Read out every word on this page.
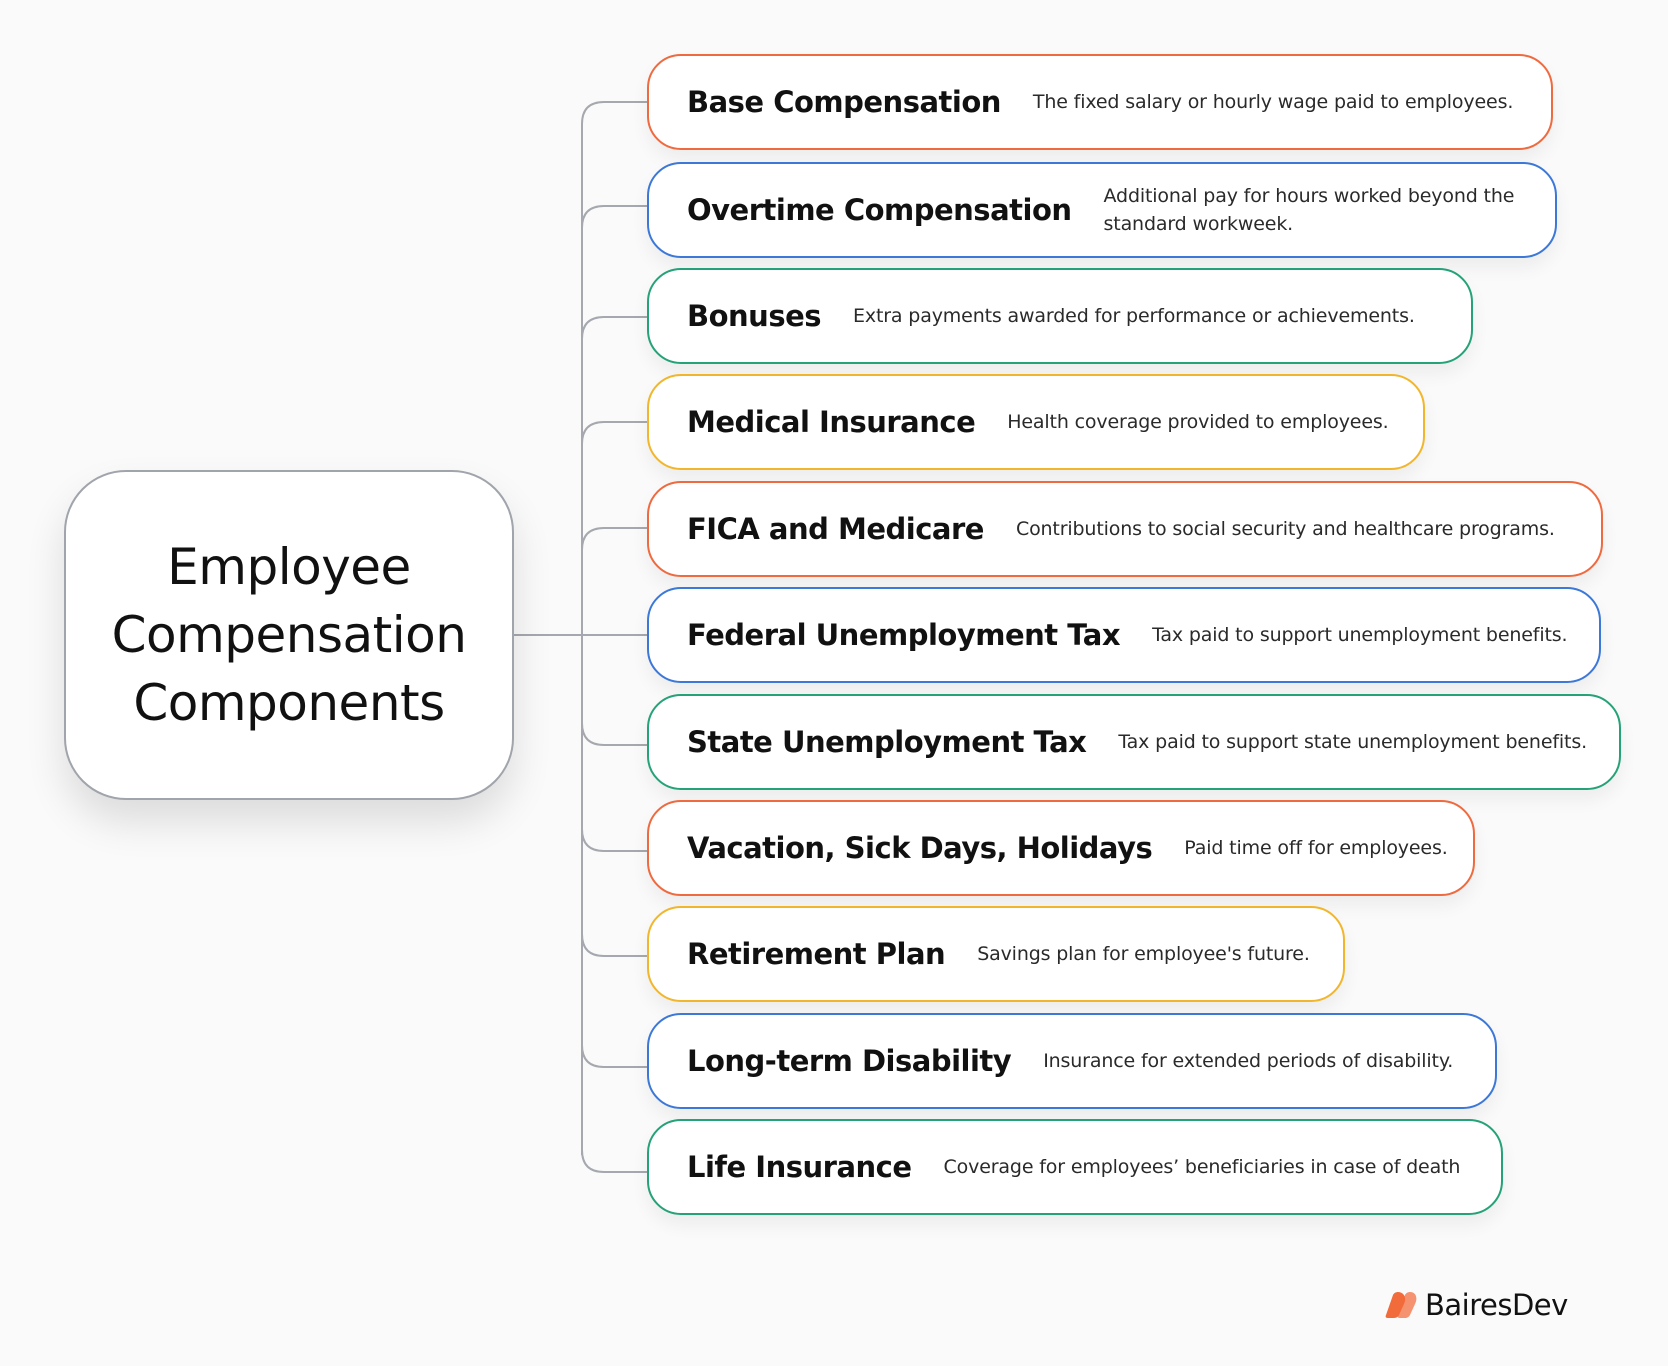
Employee
Compensation
Components
Base Compensation The fixed salary or hourly wage paid to employees.
Overtime Compensation Additional pay for hours worked beyond the standard workweek.
Bonuses Extra payments awarded for performance or achievements.
Medical Insurance Health coverage provided to employees.
FICA and Medicare Contributions to social security and healthcare programs.
Federal Unemployment Tax Tax paid to support unemployment benefits.
State Unemployment Tax Tax paid to support state unemployment benefits.
Vacation, Sick Days, Holidays Paid time off for employees.
Retirement Plan Savings plan for employee's future.
Long-term Disability Insurance for extended periods of disability.
Life Insurance Coverage for employees’ beneficiaries in case of death
BairesDev
